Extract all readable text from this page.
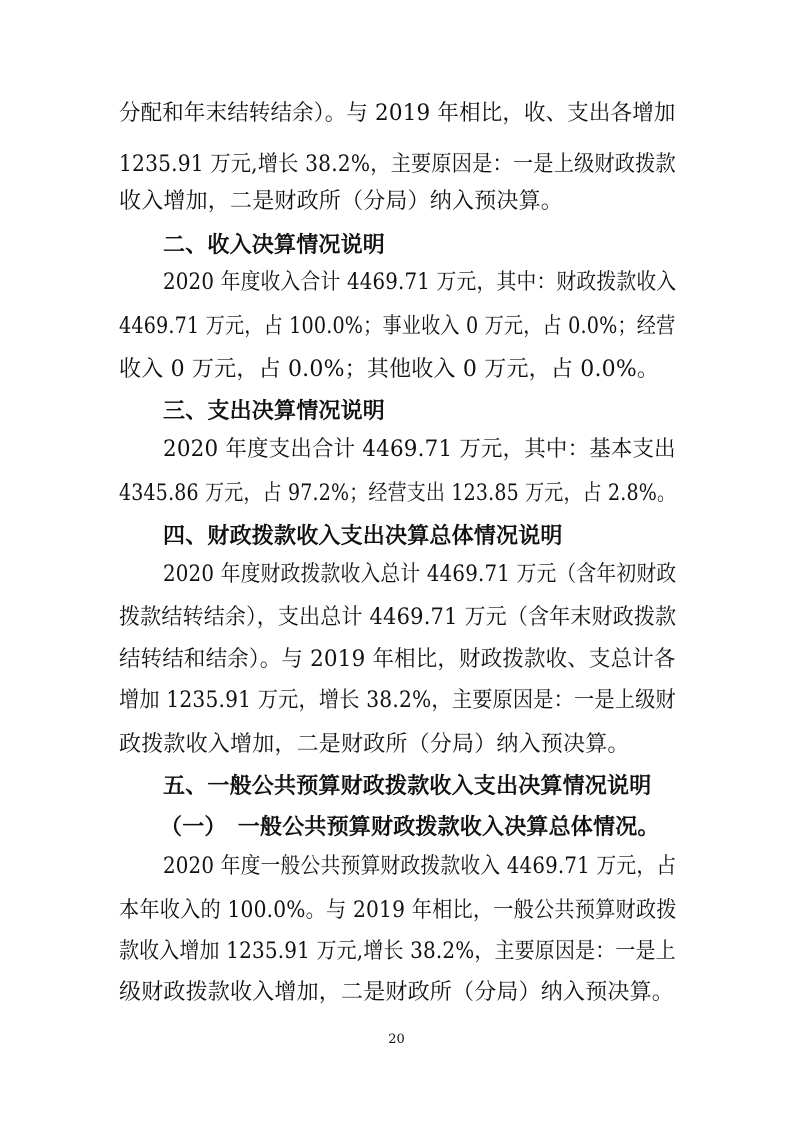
分配和年末结转结余）。与 2019 年相比，收、支出各增加
1235.91 万元,增长 38.2%，主要原因是：一是上级财政拨款
收入增加，二是财政所（分局）纳入预决算。
二、收入决算情况说明
2020 年度收入合计 4469.71 万元，其中：财政拨款收入
4469.71 万元，占 100.0%；事业收入 0 万元，占 0.0%；经营
收入 0 万元，占 0.0%；其他收入 0 万元，占 0.0%。
三、支出决算情况说明
2020 年度支出合计 4469.71 万元，其中：基本支出
4345.86 万元，占 97.2%；经营支出 123.85 万元，占 2.8%。
四、财政拨款收入支出决算总体情况说明
2020 年度财政拨款收入总计 4469.71 万元（含年初财政
拨款结转结余），支出总计 4469.71 万元（含年末财政拨款
结转结和结余）。与 2019 年相比，财政拨款收、支总计各
增加 1235.91 万元，增长 38.2%，主要原因是：一是上级财
政拨款收入增加，二是财政所（分局）纳入预决算。
五、一般公共预算财政拨款收入支出决算情况说明
（一）　一般公共预算财政拨款收入决算总体情况。
2020 年度一般公共预算财政拨款收入 4469.71 万元，占
本年收入的 100.0%。与 2019 年相比，一般公共预算财政拨
款收入增加 1235.91 万元,增长 38.2%，主要原因是：一是上
级财政拨款收入增加，二是财政所（分局）纳入预决算。
20
